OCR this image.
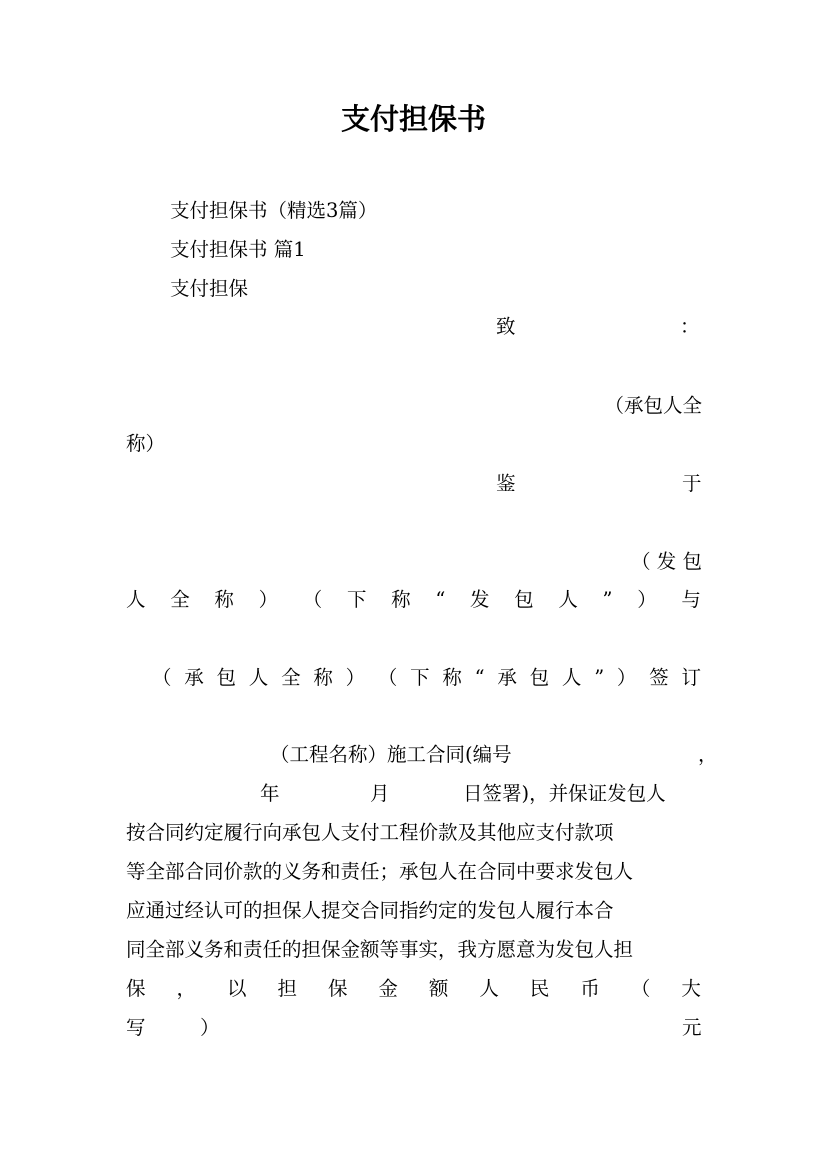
支付担保书
支付担保书（精选3篇）
支付担保书 篇1
支付担保
致	：
（承包人全
称）
鉴	于
（ 发 包
人 全 称 ） （ 下 称 “ 发 包 人 ” ） 与
（ 承 包 人 全 称 ） （ 下 称 “ 承 包 人 ” ） 签 订
（工程名称）施工合同(编号	，
年	月	日签署)，并保证发包人
按合同约定履行向承包人支付工程价款及其他应支付款项
等全部合同价款的义务和责任；承包人在合同中要求发包人
应通过经认可的担保人提交合同指约定的发包人履行本合
同全部义务和责任的担保金额等事实，我方愿意为发包人担
保 ， 以 担 保 金 额 人 民 币 （ 大
写	）	元
